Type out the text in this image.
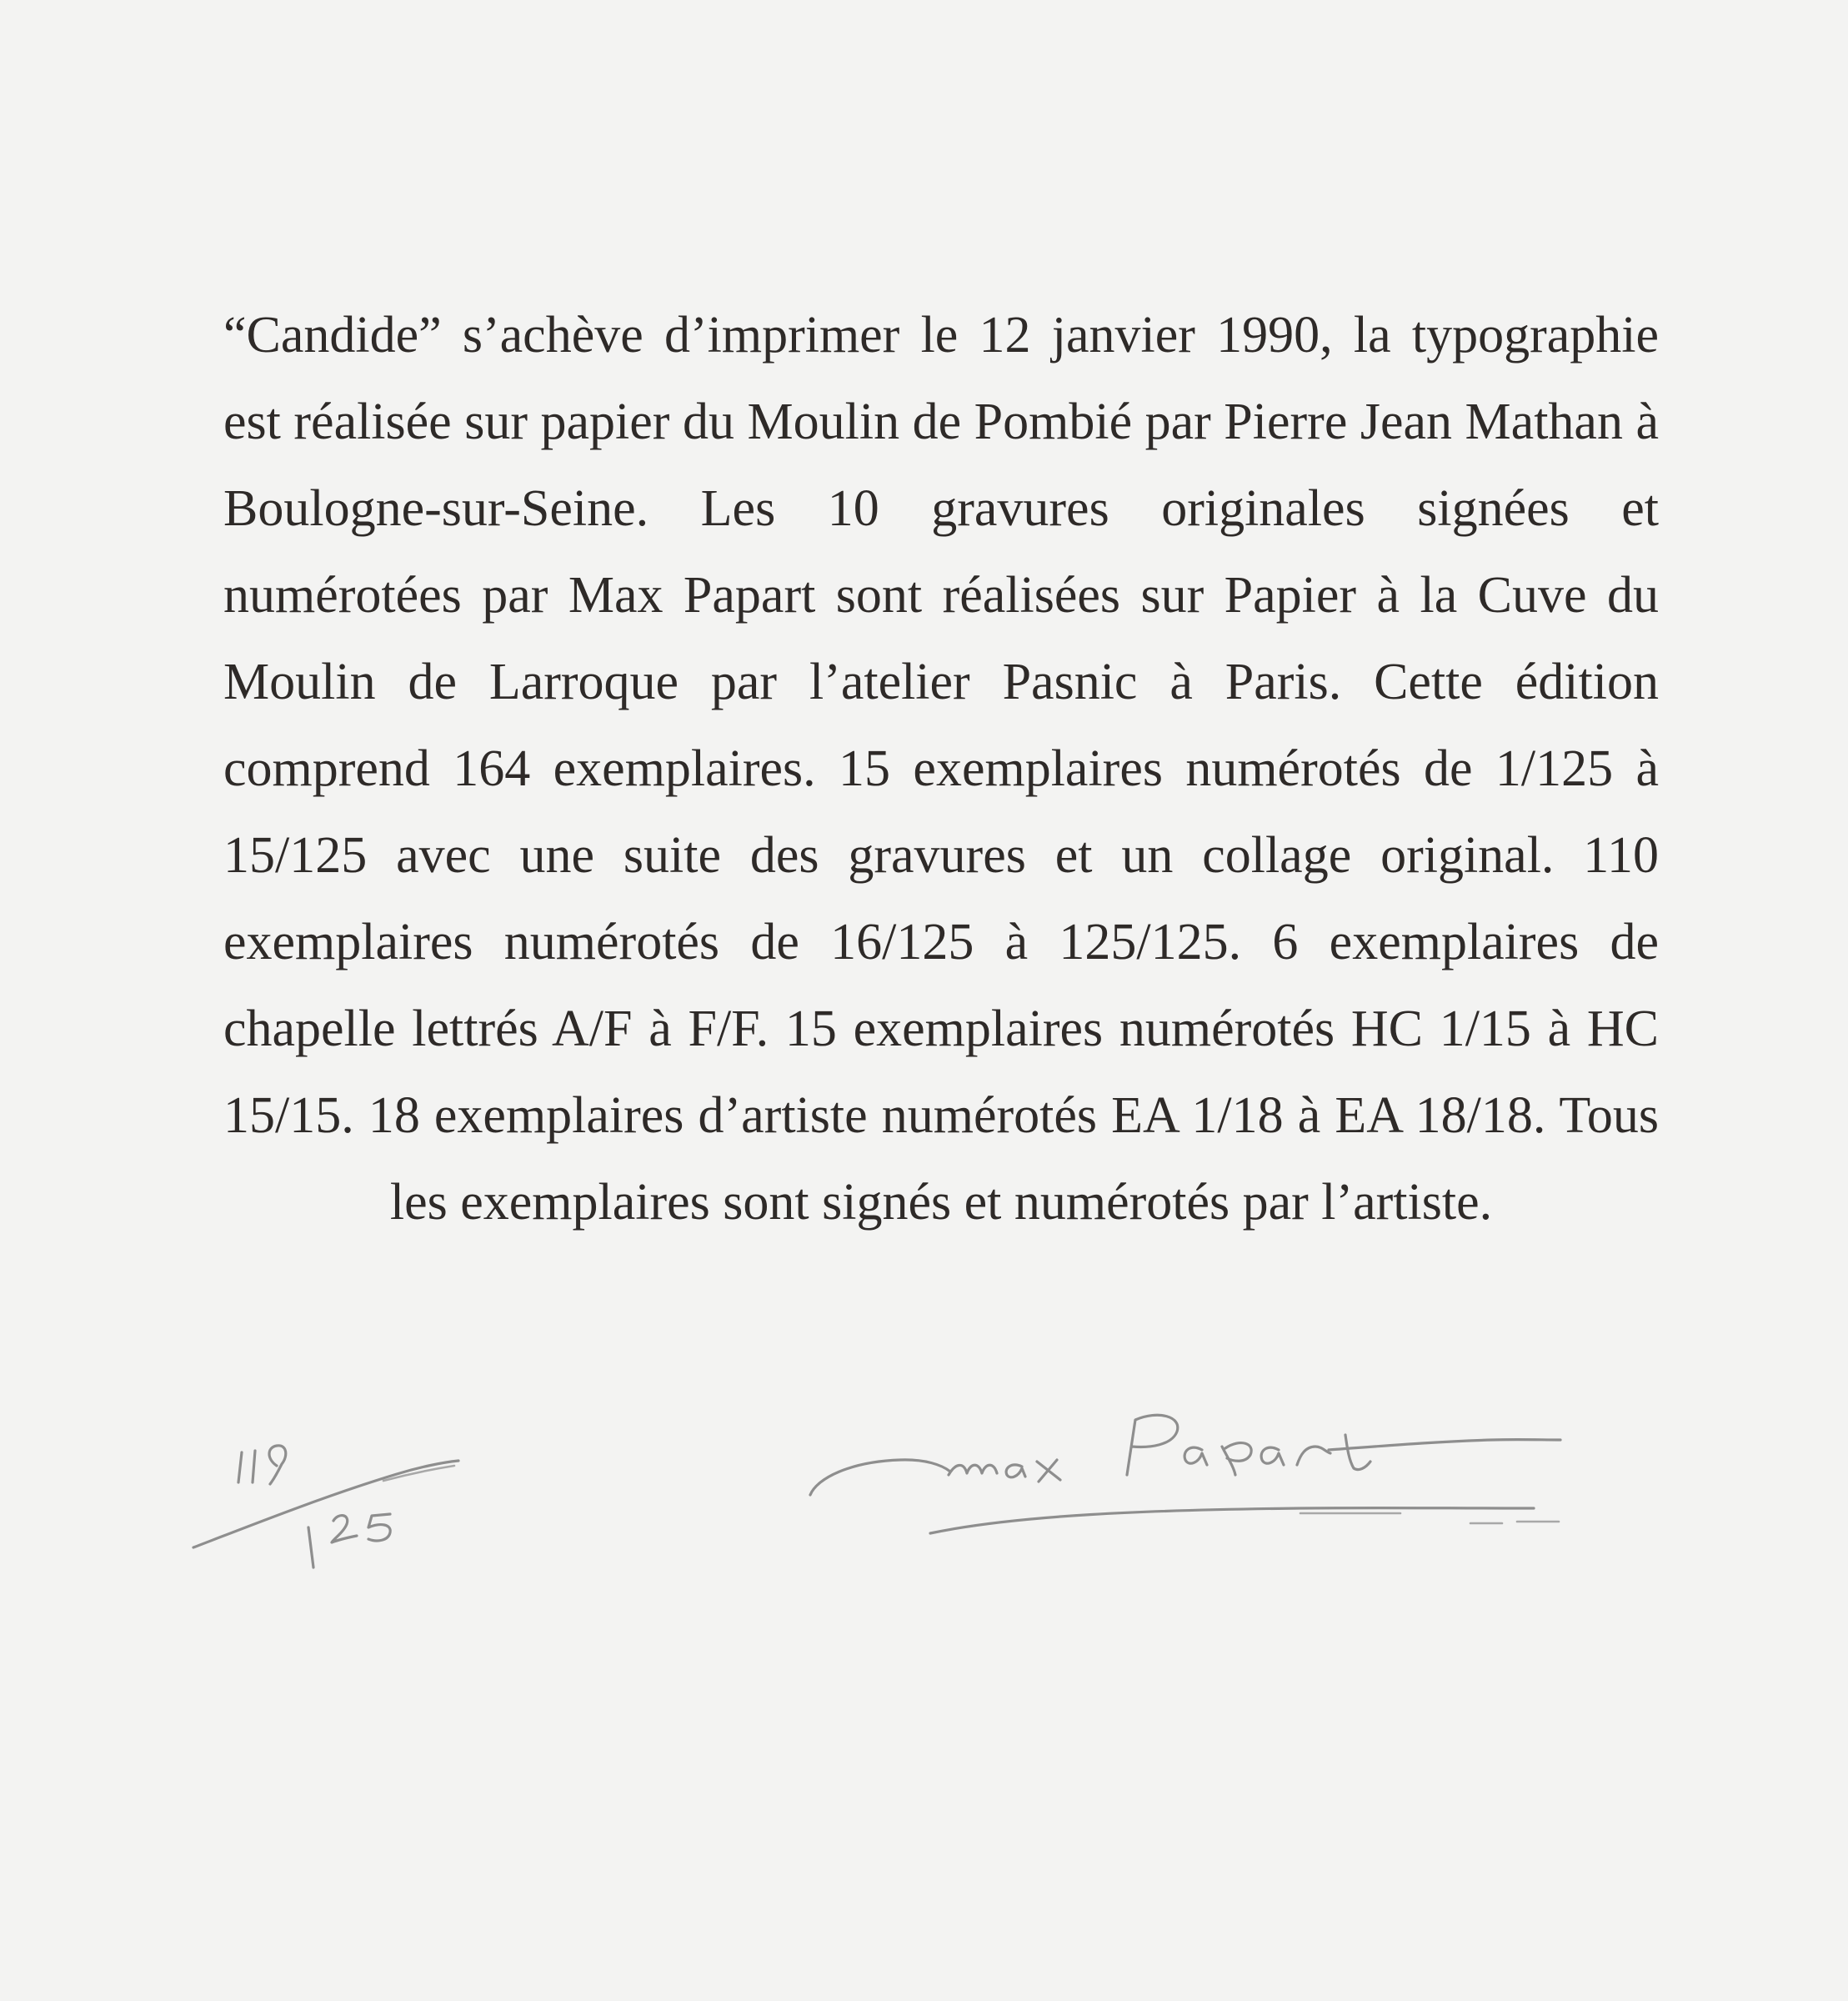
“Candide” s’achève d’imprimer le 12 janvier 1990, la typographie est réalisée sur papier du Moulin de Pombié par Pierre Jean Mathan à Boulogne-sur-Seine. Les 10 gravures originales signées et numérotées par Max Papart sont réalisées sur Papier à la Cuve du Moulin de Larroque par l’atelier Pasnic à Paris. Cette édition comprend 164 exemplaires. 15 exemplaires numérotés de 1/125 à 15/125 avec une suite des gravures et un collage original. 110 exemplaires numérotés de 16/125 à 125/125. 6 exemplaires de chapelle lettrés A/F à F/F. 15 exemplaires numérotés HC 1/15 à HC 15/15. 18 exemplaires d’artiste numérotés EA 1/18 à EA 18/18. Tous les exemplaires sont signés et numérotés par l’artiste.
